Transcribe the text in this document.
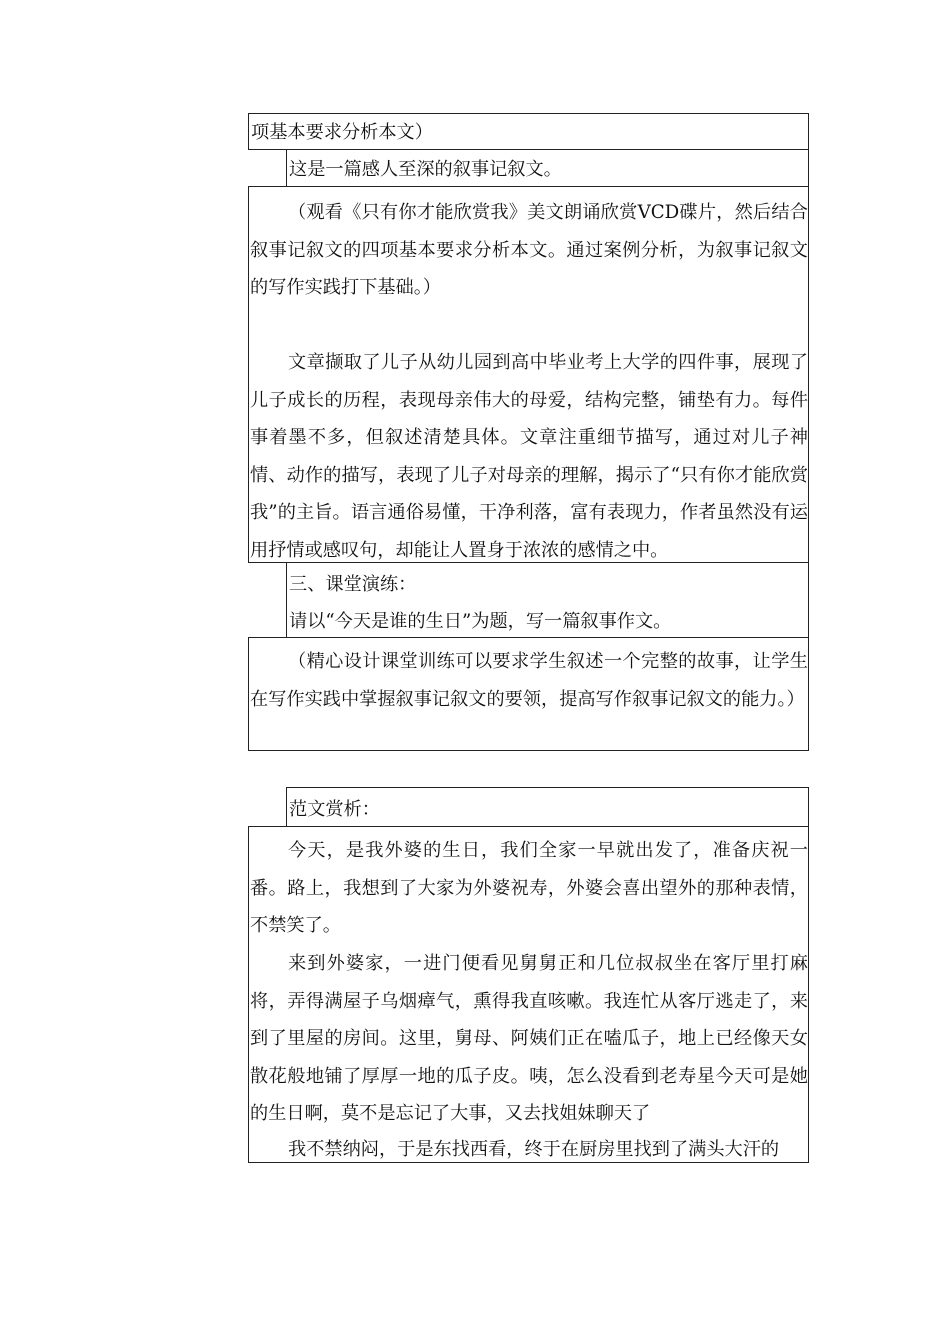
项基本要求分析本文）
这是一篇感人至深的叙事记叙文。
（观看《只有你才能欣赏我》美文朗诵欣赏VCD碟片，然后结合叙事记叙文的四项基本要求分析本文。通过案例分析，为叙事记叙文的写作实践打下基础。）
文章撷取了儿子从幼儿园到高中毕业考上大学的四件事，展现了儿子成长的历程，表现母亲伟大的母爱，结构完整，铺垫有力。每件事着墨不多，但叙述清楚具体。文章注重细节描写，通过对儿子神情、动作的描写，表现了儿子对母亲的理解，揭示了“只有你才能欣赏我”的主旨。语言通俗易懂，干净利落，富有表现力，作者虽然没有运用抒情或感叹句，却能让人置身于浓浓的感情之中。
三、课堂演练：
请以“今天是谁的生日”为题，写一篇叙事作文。
（精心设计课堂训练可以要求学生叙述一个完整的故事，让学生在写作实践中掌握叙事记叙文的要领，提高写作叙事记叙文的能力。）
范文赏析：
今天，是我外婆的生日，我们全家一早就出发了，准备庆祝一番。路上，我想到了大家为外婆祝寿，外婆会喜出望外的那种表情，不禁笑了。
来到外婆家，一进门便看见舅舅正和几位叔叔坐在客厅里打麻将，弄得满屋子乌烟瘴气，熏得我直咳嗽。我连忙从客厅逃走了，来到了里屋的房间。这里，舅母、阿姨们正在嗑瓜子，地上已经像天女散花般地铺了厚厚一地的瓜子皮。咦，怎么没看到老寿星今天可是她的生日啊，莫不是忘记了大事，又去找姐妹聊天了
我不禁纳闷，于是东找西看，终于在厨房里找到了满头大汗的
